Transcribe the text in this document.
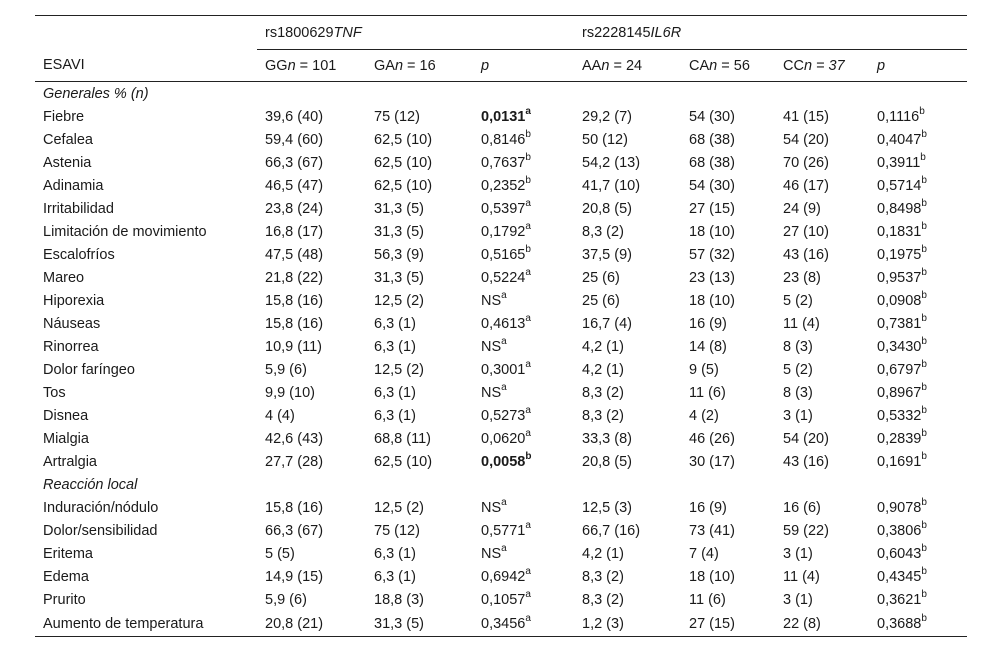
	rs1800629TNF			rs2228145IL6R			
ESAVI	GGn = 101	GAn = 16	p	AAn = 24	CAn = 56	CCn = 37	p
Generales % (n)							
Fiebre	39,6 (40)	75 (12)	0,0131$^a$	29,2 (7)	54 (30)	41 (15)	0,1116$^b$
Cefalea	59,4 (60)	62,5 (10)	0,8146$^b$	50 (12)	68 (38)	54 (20)	0,4047$^b$
Astenia	66,3 (67)	62,5 (10)	0,7637$^b$	54,2 (13)	68 (38)	70 (26)	0,3911$^b$
Adinamia	46,5 (47)	62,5 (10)	0,2352$^b$	41,7 (10)	54 (30)	46 (17)	0,5714$^b$
Irritabilidad	23,8 (24)	31,3 (5)	0,5397$^a$	20,8 (5)	27 (15)	24 (9)	0,8498$^b$
Limitación de movimiento	16,8 (17)	31,3 (5)	0,1792$^a$	8,3 (2)	18 (10)	27 (10)	0,1831$^b$
Escalofríos	47,5 (48)	56,3 (9)	0,5165$^b$	37,5 (9)	57 (32)	43 (16)	0,1975$^b$
Mareo	21,8 (22)	31,3 (5)	0,5224$^a$	25 (6)	23 (13)	23 (8)	0,9537$^b$
Hiporexia	15,8 (16)	12,5 (2)	$NS^a$	25 (6)	18 (10)	5 (2)	0,0908$^b$
Náuseas	15,8 (16)	6,3 (1)	0,4613$^a$	16,7 (4)	16 (9)	11 (4)	0,7381$^b$
Rinorrea	10,9 (11)	6,3 (1)	$NS^a$	4,2 (1)	14 (8)	8 (3)	0,3430$^b$
Dolor faríngeo	5,9 (6)	12,5 (2)	0,3001$^a$	4,2 (1)	9 (5)	5 (2)	0,6797$^b$
Tos	9,9 (10)	6,3 (1)	$NS^a$	8,3 (2)	11 (6)	8 (3)	0,8967$^b$
Disnea	4 (4)	6,3 (1)	0,5273$^a$	8,3 (2)	4 (2)	3 (1)	0,5332$^b$
Mialgia	42,6 (43)	68,8 (11)	0,0620$^a$	33,3 (8)	46 (26)	54 (20)	0,2839$^b$
Artralgia	27,7 (28)	62,5 (10)	0,0058$^b$	20,8 (5)	30 (17)	43 (16)	0,1691$^b$
Reacción local							
Induración/nódulo	15,8 (16)	12,5 (2)	$NS^a$	12,5 (3)	16 (9)	16 (6)	0,9078$^b$
Dolor/sensibilidad	66,3 (67)	75 (12)	0,5771$^a$	66,7 (16)	73 (41)	59 (22)	0,3806$^b$
Eritema	5 (5)	6,3 (1)	$NS^a$	4,2 (1)	7 (4)	3 (1)	0,6043$^b$
Edema	14,9 (15)	6,3 (1)	0,6942$^a$	8,3 (2)	18 (10)	11 (4)	0,4345$^b$
Prurito	5,9 (6)	18,8 (3)	0,1057$^a$	8,3 (2)	11 (6)	3 (1)	0,3621$^b$
Aumento de temperatura	20,8 (21)	31,3 (5)	0,3456$^a$	1,2 (3)	27 (15)	22 (8)	0,3688$^b$
